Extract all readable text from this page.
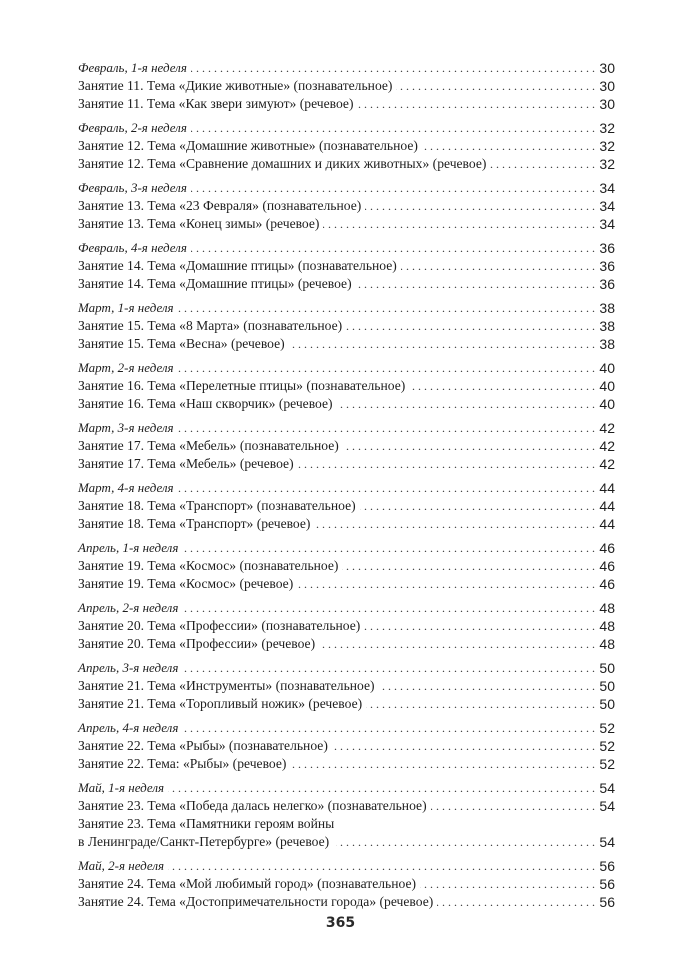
Февраль, 1-я неделя . . .	30
Занятие 11. Тема «Дикие животные» (познавательное) . . .	30
Занятие 11. Тема «Как звери зимуют» (речевое) . . .	30
Февраль, 2-я неделя . . .	32
Занятие 12. Тема «Домашние животные» (познавательное) . . .	32
Занятие 12. Тема «Сравнение домашних и диких животных» (речевое) . . .	32
Февраль, 3-я неделя . . .	34
Занятие 13. Тема «23 Февраля» (познавательное) . . .	34
Занятие 13. Тема «Конец зимы» (речевое) . . .	34
Февраль, 4-я неделя . . .	36
Занятие 14. Тема «Домашние птицы» (познавательное) . . .	36
Занятие 14. Тема «Домашние птицы» (речевое) . . .	36
Март, 1-я неделя . . .	38
Занятие 15. Тема «8 Марта» (познавательное) . . .	38
Занятие 15. Тема «Весна» (речевое) . . .	38
Март, 2-я неделя . . .	40
Занятие 16. Тема «Перелетные птицы» (познавательное) . . .	40
Занятие 16. Тема «Наш скворчик» (речевое) . . .	40
Март, 3-я неделя . . .	42
Занятие 17. Тема «Мебель» (познавательное) . . .	42
Занятие 17. Тема «Мебель» (речевое) . . .	42
Март, 4-я неделя . . .	44
Занятие 18. Тема «Транспорт» (познавательное) . . .	44
Занятие 18. Тема «Транспорт» (речевое) . . .	44
Апрель, 1-я неделя . . .	46
Занятие 19. Тема «Космос» (познавательное) . . .	46
Занятие 19. Тема «Космос» (речевое) . . .	46
Апрель, 2-я неделя . . .	48
Занятие 20. Тема «Профессии» (познавательное) . . .	48
Занятие 20. Тема «Профессии» (речевое) . . .	48
Апрель, 3-я неделя . . .	50
Занятие 21. Тема «Инструменты» (познавательное) . . .	50
Занятие 21. Тема «Торопливый ножик» (речевое) . . .	50
Апрель, 4-я неделя . . .	52
Занятие 22. Тема «Рыбы» (познавательное) . . .	52
Занятие 22. Тема: «Рыбы» (речевое) . . .	52
Май, 1-я неделя . . .	54
Занятие 23. Тема «Победа далась нелегко» (познавательное) . . .	54
Занятие 23. Тема «Памятники героям войны
в Ленинграде/Санкт-Петербурге» (речевое) . . .	54
Май, 2-я неделя . . .	56
Занятие 24. Тема «Мой любимый город» (познавательное) . . .	56
Занятие 24. Тема «Достопримечательности города» (речевое) . . .	56
365
